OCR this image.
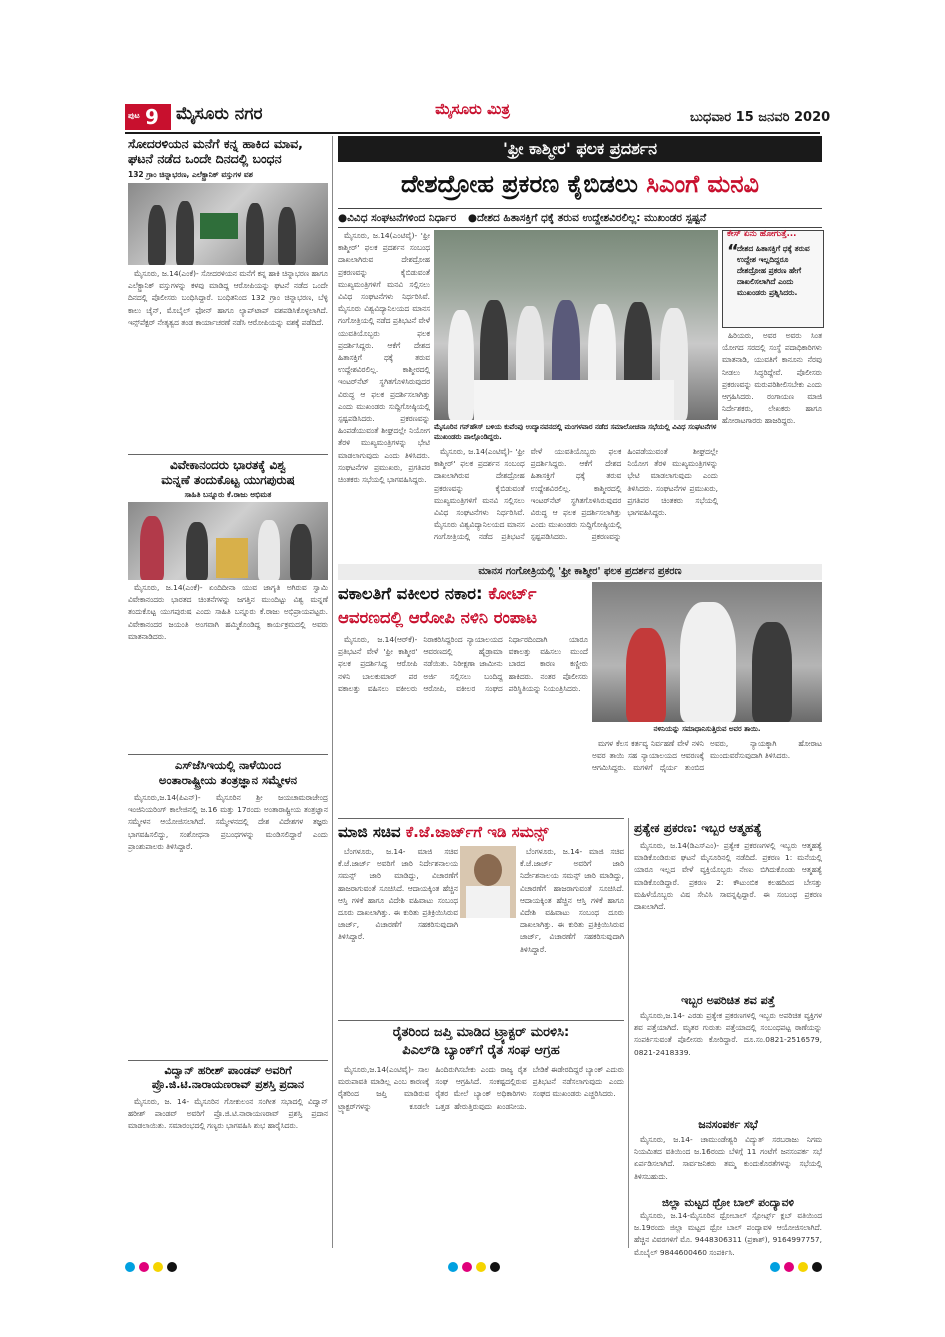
ಪುಟ 9 ಮೈಸೂರು ನಗರ	ಮೈಸೂರು ಮಿತ್ರ	ಬುಧವಾರ 15 ಜನವರಿ 2020
ಸೋದರಳಿಯನ ಮನೆಗೆ ಕನ್ನ ಹಾಕಿದ ಮಾವ,
ಘಟನೆ ನಡೆದ ಒಂದೇ ದಿನದಲ್ಲಿ ಬಂಧನ
132 ಗ್ರಾಂ ಚಿನ್ನಾಭರಣ, ಎಲೆಕ್ಟ್ರಾನಿಕ್ ವಸ್ತುಗಳ ವಶ

ಮೈಸೂರು, ಜ.14(ಎಂಕೆ)- ಸೋದರಳಿಯನ ಮನೆಗೆ ಕನ್ನ ಹಾಕಿ ಚಿನ್ನಾಭರಣ ಹಾಗೂ ಎಲೆಕ್ಟ್ರಾನಿಕ್ ವಸ್ತುಗಳನ್ನು ಕಳವು ಮಾಡಿದ್ದ ಆರೋಪಿಯನ್ನು ಘಟನೆ ನಡೆದ ಒಂದೇ ದಿನದಲ್ಲಿ ಪೊಲೀಸರು ಬಂಧಿಸಿದ್ದಾರೆ. ಬಂಧಿತನಿಂದ 132 ಗ್ರಾಂ ಚಿನ್ನಾಭರಣ, ಬೆಳ್ಳಿ ಕಾಲು ಚೈನ್, ಮೊಬೈಲ್ ಫೋನ್ ಹಾಗೂ ಲ್ಯಾಪ್‌ಟಾಪ್ ವಶಪಡಿಸಿಕೊಳ್ಳಲಾಗಿದೆ. ಇನ್ಸ್‌ಪೆಕ್ಟರ್ ನೇತೃತ್ವದ ತಂಡ ಕಾರ್ಯಾಚರಣೆ ನಡೆಸಿ ಆರೋಪಿಯನ್ನು ವಶಕ್ಕೆ ಪಡೆದಿದೆ.

ವಿವೇಕಾನಂದರು ಭಾರತಕ್ಕೆ ವಿಶ್ವ
ಮನ್ನಣೆ ತಂದುಕೊಟ್ಟ ಯುಗಪುರುಷ
ಸಾಹಿತಿ ಬನ್ನೂರು ಕೆ.ರಾಜು ಅಭಿಮತ

ಮೈಸೂರು, ಜ.14(ಎಂಕೆ)- ಏಂದಿದೀನಾ ಯುವ ಜಾಗೃತಿ ಅಗಿರುವ ಸ್ವಾಮಿ ವಿವೇಕಾನಂದರು ಭಾರತದ ಚಿಂತನೆಗಳನ್ನು ಜಗತ್ತಿನ ಮುಂದಿಟ್ಟು ವಿಶ್ವ ಮನ್ನಣೆ ತಂದುಕೊಟ್ಟ ಯುಗಪುರುಷ ಎಂದು ಸಾಹಿತಿ ಬನ್ನೂರು ಕೆ.ರಾಜು ಅಭಿಪ್ರಾಯಪಟ್ಟರು. ವಿವೇಕಾನಂದರ ಜಯಂತಿ ಅಂಗವಾಗಿ ಹಮ್ಮಿಕೊಂಡಿದ್ದ ಕಾರ್ಯಕ್ರಮದಲ್ಲಿ ಅವರು ಮಾತನಾಡಿದರು.

ಎಸ್‌ಜೆಸಿಇಯಲ್ಲಿ ನಾಳೆಯಿಂದ
ಅಂತಾರಾಷ್ಟ್ರೀಯ ತಂತ್ರಜ್ಞಾನ ಸಮ್ಮೇಳನ

ಮೈಸೂರು,ಜ.14(ಪಿಎನ್)- ಮೈಸೂರಿನ ಶ್ರೀ ಜಯಚಾಮರಾಜೇಂದ್ರ ಇಂಜಿನಿಯರಿಂಗ್ ಕಾಲೇಜಿನಲ್ಲಿ ಜ.16 ಮತ್ತು 17ರಂದು ಅಂತಾರಾಷ್ಟ್ರೀಯ ತಂತ್ರಜ್ಞಾನ ಸಮ್ಮೇಳನ ಆಯೋಜಿಸಲಾಗಿದೆ. ಸಮ್ಮೇಳನದಲ್ಲಿ ದೇಶ ವಿದೇಶಗಳ ತಜ್ಞರು ಭಾಗವಹಿಸಲಿದ್ದು, ಸಂಶೋಧನಾ ಪ್ರಬಂಧಗಳನ್ನು ಮಂಡಿಸಲಿದ್ದಾರೆ ಎಂದು ಪ್ರಾಂಶುಪಾಲರು ತಿಳಿಸಿದ್ದಾರೆ.

ವಿದ್ವಾನ್ ಹರೀಶ್ ಪಾಂಡವ್ ಅವರಿಗೆ
ಪ್ರೊ.ಜಿ.ಟಿ.ನಾರಾಯಣರಾವ್ ಪ್ರಶಸ್ತಿ ಪ್ರದಾನ

ಮೈಸೂರು, ಜ. 14- ಮೈಸೂರಿನ ಗೋಕುಲಂನ ಸಂಗೀತ ಸಭಾದಲ್ಲಿ ವಿದ್ವಾನ್ ಹರೀಶ್ ಪಾಂಡವ್ ಅವರಿಗೆ ಪ್ರೊ.ಜಿ.ಟಿ.ನಾರಾಯಣರಾವ್ ಪ್ರಶಸ್ತಿ ಪ್ರದಾನ ಮಾಡಲಾಯಿತು. ಸಮಾರಂಭದಲ್ಲಿ ಗಣ್ಯರು ಭಾಗವಹಿಸಿ ಶುಭ ಹಾರೈಸಿದರು.

'ಫ್ರೀ ಕಾಶ್ಮೀರ' ಫಲಕ ಪ್ರದರ್ಶನ
ದೇಶದ್ರೋಹ ಪ್ರಕರಣ ಕೈಬಿಡಲು ಸಿಎಂಗೆ ಮನವಿ
●ವಿವಿಧ ಸಂಘಟನೆಗಳಿಂದ ನಿರ್ಧಾರ ●ದೇಶದ ಹಿತಾಸಕ್ತಿಗೆ ಧಕ್ಕೆ ತರುವ ಉದ್ದೇಶವಿರಲಿಲ್ಲ: ಮುಖಂಡರ ಸ್ಪಷ್ಟನೆ

ಮೈಸೂರು, ಜ.14(ಎಂಟಿವೈ)- 'ಫ್ರೀ ಕಾಶ್ಮೀರ್' ಫಲಕ ಪ್ರದರ್ಶನ ಸಂಬಂಧ ದಾಖಲಾಗಿರುವ ದೇಶದ್ರೋಹ ಪ್ರಕರಣವನ್ನು ಕೈಬಿಡುವಂತೆ ಮುಖ್ಯಮಂತ್ರಿಗಳಿಗೆ ಮನವಿ ಸಲ್ಲಿಸಲು ವಿವಿಧ ಸಂಘಟನೆಗಳು ನಿರ್ಧರಿಸಿವೆ. ಮೈಸೂರು ವಿಶ್ವವಿದ್ಯಾನಿಲಯದ ಮಾನಸ ಗಂಗೋತ್ರಿಯಲ್ಲಿ ನಡೆದ ಪ್ರತಿಭಟನೆ ವೇಳೆ ಯುವತಿಯೊಬ್ಬರು ಫಲಕ ಪ್ರದರ್ಶಿಸಿದ್ದರು. ಆಕೆಗೆ ದೇಶದ ಹಿತಾಸಕ್ತಿಗೆ ಧಕ್ಕೆ ತರುವ ಉದ್ದೇಶವಿರಲಿಲ್ಲ. ಕಾಶ್ಮೀರದಲ್ಲಿ ಇಂಟರ್‌ನೆಟ್ ಸ್ಥಗಿತಗೊಳಿಸಿರುವುದರ ವಿರುದ್ಧ ಆ ಫಲಕ ಪ್ರದರ್ಶಿಸಲಾಗಿತ್ತು ಎಂದು ಮುಖಂಡರು ಸುದ್ದಿಗೋಷ್ಠಿಯಲ್ಲಿ ಸ್ಪಷ್ಟಪಡಿಸಿದರು. ಪ್ರಕರಣವನ್ನು ಹಿಂಪಡೆಯುವಂತೆ ಶೀಘ್ರದಲ್ಲೇ ನಿಯೋಗ ತೆರಳಿ ಮುಖ್ಯಮಂತ್ರಿಗಳನ್ನು ಭೇಟಿ ಮಾಡಲಾಗುವುದು ಎಂದು ತಿಳಿಸಿದರು. ಸಂಘಟನೆಗಳ ಪ್ರಮುಖರು, ಪ್ರಗತಿಪರ ಚಿಂತಕರು ಸಭೆಯಲ್ಲಿ ಭಾಗವಹಿಸಿದ್ದರು.

ಮೈಸೂರಿನ ಗನ್‌ಹೌಸ್ ಬಳಿಯ ಕುವೆಂಪು ಉದ್ಯಾನವನದಲ್ಲಿ ಮಂಗಳವಾರ ನಡೆದ ಸಮಾಲೋಚನಾ ಸಭೆಯಲ್ಲಿ ವಿವಿಧ ಸಂಘಟನೆಗಳ ಮುಖಂಡರು ಪಾಲ್ಗೊಂಡಿದ್ದರು.

ಮೈಸೂರು, ಜ.14(ಎಂಟಿವೈ)- 'ಫ್ರೀ ಕಾಶ್ಮೀರ್' ಫಲಕ ಪ್ರದರ್ಶನ ಸಂಬಂಧ ದಾಖಲಾಗಿರುವ ದೇಶದ್ರೋಹ ಪ್ರಕರಣವನ್ನು ಕೈಬಿಡುವಂತೆ ಮುಖ್ಯಮಂತ್ರಿಗಳಿಗೆ ಮನವಿ ಸಲ್ಲಿಸಲು ವಿವಿಧ ಸಂಘಟನೆಗಳು ನಿರ್ಧರಿಸಿವೆ. ಮೈಸೂರು ವಿಶ್ವವಿದ್ಯಾನಿಲಯದ ಮಾನಸ ಗಂಗೋತ್ರಿಯಲ್ಲಿ ನಡೆದ ಪ್ರತಿಭಟನೆ ವೇಳೆ ಯುವತಿಯೊಬ್ಬರು ಫಲಕ ಪ್ರದರ್ಶಿಸಿದ್ದರು. ಆಕೆಗೆ ದೇಶದ ಹಿತಾಸಕ್ತಿಗೆ ಧಕ್ಕೆ ತರುವ ಉದ್ದೇಶವಿರಲಿಲ್ಲ. ಕಾಶ್ಮೀರದಲ್ಲಿ ಇಂಟರ್‌ನೆಟ್ ಸ್ಥಗಿತಗೊಳಿಸಿರುವುದರ ವಿರುದ್ಧ ಆ ಫಲಕ ಪ್ರದರ್ಶಿಸಲಾಗಿತ್ತು ಎಂದು ಮುಖಂಡರು ಸುದ್ದಿಗೋಷ್ಠಿಯಲ್ಲಿ ಸ್ಪಷ್ಟಪಡಿಸಿದರು. ಪ್ರಕರಣವನ್ನು ಹಿಂಪಡೆಯುವಂತೆ ಶೀಘ್ರದಲ್ಲೇ ನಿಯೋಗ ತೆರಳಿ ಮುಖ್ಯಮಂತ್ರಿಗಳನ್ನು ಭೇಟಿ ಮಾಡಲಾಗುವುದು ಎಂದು ತಿಳಿಸಿದರು. ಸಂಘಟನೆಗಳ ಪ್ರಮುಖರು, ಪ್ರಗತಿಪರ ಚಿಂತಕರು ಸಭೆಯಲ್ಲಿ ಭಾಗವಹಿಸಿದ್ದರು.

ಕೇಸ್ ಏನು ಹೋಗುತ್ತೆ...
“
ದೇಶದ ಹಿತಾಸಕ್ತಿಗೆ ಧಕ್ಕೆ ತರುವ ಉದ್ದೇಶ ಇಲ್ಲದಿದ್ದರೂ ದೇಶದ್ರೋಹ ಪ್ರಕರಣ ಹೇಗೆ ದಾಖಲಿಸಲಾಗಿದೆ ಎಂದು ಮುಖಂಡರು ಪ್ರಶ್ನಿಸಿದರು.

ಹಿರಿಯರು, ಅವರ ಅವರು ಸಿಂತ ಯೋಗದ ಸರದಲ್ಲಿ ಸಂಸ್ಥೆ ಪದಾಧಿಕಾರಿಗಳು ಮಾತನಾಡಿ, ಯುವತಿಗೆ ಕಾನೂನು ನೆರವು ನೀಡಲು ಸಿದ್ಧರಿದ್ದೇವೆ. ಪೊಲೀಸರು ಪ್ರಕರಣವನ್ನು ಮರುಪರಿಶೀಲಿಸಬೇಕು ಎಂದು ಆಗ್ರಹಿಸಿದರು. ರಂಗಾಯಣ ಮಾಜಿ ನಿರ್ದೇಶಕರು, ಲೇಖಕರು ಹಾಗೂ ಹೋರಾಟಗಾರರು ಹಾಜರಿದ್ದರು.

ಮಾನಸ ಗಂಗೋತ್ರಿಯಲ್ಲಿ 'ಫ್ರೀ ಕಾಶ್ಮೀರ' ಫಲಕ ಪ್ರದರ್ಶನ ಪ್ರಕರಣ
ವಕಾಲತಿಗೆ ವಕೀಲರ ನಕಾರ: ಕೋರ್ಟ್
ಆವರಣದಲ್ಲಿ ಆರೋಪಿ ನಳಿನಿ ರಂಪಾಟ

ಮೈಸೂರು, ಜ.14(ಆರ್‌ಕೆ)- ಪ್ರತಿಭಟನೆ ವೇಳೆ 'ಫ್ರೀ ಕಾಶ್ಮೀರ' ಫಲಕ ಪ್ರದರ್ಶಿಸಿದ್ದ ಆರೋಪಿ ನಳಿನಿ ಬಾಲಕುಮಾರ್ ಪರ ವಕಾಲತ್ತು ವಹಿಸಲು ವಕೀಲರು ನಿರಾಕರಿಸಿದ್ದರಿಂದ ನ್ಯಾಯಾಲಯದ ಆವರಣದಲ್ಲಿ ಹೈಡ್ರಾಮಾ ನಡೆಯಿತು. ನಿರೀಕ್ಷಣಾ ಜಾಮೀನು ಅರ್ಜಿ ಸಲ್ಲಿಸಲು ಬಂದಿದ್ದ ಆರೋಪಿ, ವಕೀಲರ ಸಂಘದ ನಿರ್ಧಾರದಿಂದಾಗಿ ಯಾರೂ ವಕಾಲತ್ತು ವಹಿಸಲು ಮುಂದೆ ಬಾರದ ಕಾರಣ ಕಣ್ಣೀರು ಹಾಕಿದರು. ನಂತರ ಪೊಲೀಸರು ಪರಿಸ್ಥಿತಿಯನ್ನು ನಿಯಂತ್ರಿಸಿದರು.

ನಳಿನಿಯನ್ನು ಸಮಾಧಾನಿಸುತ್ತಿರುವ ಅವರ ತಾಯಿ.

ಮಗಳ ಕೆಲಸ ಕರ್ತವ್ಯ ನಿರ್ವಹಣೆ ವೇಳೆ ನಳಿನಿ ಅವರ ತಾಯಿ ಸಹ ನ್ಯಾಯಾಲಯದ ಆವರಣಕ್ಕೆ ಆಗಮಿಸಿದ್ದರು. ಮಗಳಿಗೆ ಧೈರ್ಯ ತುಂಬಿದ ಅವರು, ನ್ಯಾಯಕ್ಕಾಗಿ ಹೋರಾಟ ಮುಂದುವರೆಸುವುದಾಗಿ ತಿಳಿಸಿದರು.

ಮಾಜಿ ಸಚಿವ ಕೆ.ಜೆ.ಜಾರ್ಜ್‌ಗೆ ಇಡಿ ಸಮನ್ಸ್

ಬೆಂಗಳೂರು, ಜ.14- ಮಾಜಿ ಸಚಿವ ಕೆ.ಜೆ.ಜಾರ್ಜ್ ಅವರಿಗೆ ಜಾರಿ ನಿರ್ದೇಶನಾಲಯ ಸಮನ್ಸ್ ಜಾರಿ ಮಾಡಿದ್ದು, ವಿಚಾರಣೆಗೆ ಹಾಜರಾಗುವಂತೆ ಸೂಚಿಸಿದೆ. ಆದಾಯಕ್ಕಿಂತ ಹೆಚ್ಚಿನ ಆಸ್ತಿ ಗಳಿಕೆ ಹಾಗೂ ವಿದೇಶಿ ವಹಿವಾಟು ಸಂಬಂಧ ದೂರು ದಾಖಲಾಗಿತ್ತು. ಈ ಕುರಿತು ಪ್ರತಿಕ್ರಿಯಿಸಿರುವ ಜಾರ್ಜ್, ವಿಚಾರಣೆಗೆ ಸಹಕರಿಸುವುದಾಗಿ ತಿಳಿಸಿದ್ದಾರೆ.

ಬೆಂಗಳೂರು, ಜ.14- ಮಾಜಿ ಸಚಿವ ಕೆ.ಜೆ.ಜಾರ್ಜ್ ಅವರಿಗೆ ಜಾರಿ ನಿರ್ದೇಶನಾಲಯ ಸಮನ್ಸ್ ಜಾರಿ ಮಾಡಿದ್ದು, ವಿಚಾರಣೆಗೆ ಹಾಜರಾಗುವಂತೆ ಸೂಚಿಸಿದೆ. ಆದಾಯಕ್ಕಿಂತ ಹೆಚ್ಚಿನ ಆಸ್ತಿ ಗಳಿಕೆ ಹಾಗೂ ವಿದೇಶಿ ವಹಿವಾಟು ಸಂಬಂಧ ದೂರು ದಾಖಲಾಗಿತ್ತು. ಈ ಕುರಿತು ಪ್ರತಿಕ್ರಿಯಿಸಿರುವ ಜಾರ್ಜ್, ವಿಚಾರಣೆಗೆ ಸಹಕರಿಸುವುದಾಗಿ ತಿಳಿಸಿದ್ದಾರೆ.

ರೈತರಿಂದ ಜಪ್ತಿ ಮಾಡಿದ ಟ್ರ್ಯಾಕ್ಟರ್ ಮರಳಿಸಿ:
ಪಿಎಲ್‌ಡಿ ಬ್ಯಾಂಕ್‌ಗೆ ರೈತ ಸಂಘ ಆಗ್ರಹ

ಮೈಸೂರು,ಜ.14(ಎಂಟಿವೈ)- ಸಾಲ ಮರುಪಾವತಿ ಮಾಡಿಲ್ಲ ಎಂಬ ಕಾರಣಕ್ಕೆ ರೈತರಿಂದ ಜಪ್ತಿ ಮಾಡಿರುವ ಟ್ರ್ಯಾಕ್ಟರ್‌ಗಳನ್ನು ಕೂಡಲೇ ಹಿಂದಿರುಗಿಸಬೇಕು ಎಂದು ರಾಜ್ಯ ರೈತ ಸಂಘ ಆಗ್ರಹಿಸಿದೆ. ಸಂಕಷ್ಟದಲ್ಲಿರುವ ರೈತರ ಮೇಲೆ ಬ್ಯಾಂಕ್ ಅಧಿಕಾರಿಗಳು ಒತ್ತಡ ಹೇರುತ್ತಿರುವುದು ಖಂಡನೀಯ. ಬೇಡಿಕೆ ಈಡೇರದಿದ್ದರೆ ಬ್ಯಾಂಕ್ ಎದುರು ಪ್ರತಿಭಟನೆ ನಡೆಸಲಾಗುವುದು ಎಂದು ಸಂಘದ ಮುಖಂಡರು ಎಚ್ಚರಿಸಿದರು.

ಪ್ರತ್ಯೇಕ ಪ್ರಕರಣ: ಇಬ್ಬರ ಆತ್ಮಹತ್ಯೆ

ಮೈಸೂರು, ಜ.14(ಡಿಎಸ್‌ಎಂ)- ಪ್ರತ್ಯೇಕ ಪ್ರಕರಣಗಳಲ್ಲಿ ಇಬ್ಬರು ಆತ್ಮಹತ್ಯೆ ಮಾಡಿಕೊಂಡಿರುವ ಘಟನೆ ಮೈಸೂರಿನಲ್ಲಿ ನಡೆದಿದೆ. ಪ್ರಕರಣ 1: ಮನೆಯಲ್ಲಿ ಯಾರೂ ಇಲ್ಲದ ವೇಳೆ ವ್ಯಕ್ತಿಯೊಬ್ಬರು ನೇಣು ಬಿಗಿದುಕೊಂಡು ಆತ್ಮಹತ್ಯೆ ಮಾಡಿಕೊಂಡಿದ್ದಾರೆ. ಪ್ರಕರಣ 2: ಕೌಟುಂಬಿಕ ಕಲಹದಿಂದ ಬೇಸತ್ತು ಮಹಿಳೆಯೊಬ್ಬರು ವಿಷ ಸೇವಿಸಿ ಸಾವನ್ನಪ್ಪಿದ್ದಾರೆ. ಈ ಸಂಬಂಧ ಪ್ರಕರಣ ದಾಖಲಾಗಿದೆ.

ಇಬ್ಬರ ಅಪರಿಚಿತ ಶವ ಪತ್ತೆ

ಮೈಸೂರು,ಜ.14- ಎರಡು ಪ್ರತ್ಯೇಕ ಪ್ರಕರಣಗಳಲ್ಲಿ ಇಬ್ಬರು ಅಪರಿಚಿತ ವ್ಯಕ್ತಿಗಳ ಶವ ಪತ್ತೆಯಾಗಿದೆ. ಮೃತರ ಗುರುತು ಪತ್ತೆಯಾದಲ್ಲಿ ಸಂಬಂಧಪಟ್ಟ ಠಾಣೆಯನ್ನು ಸಂಪರ್ಕಿಸುವಂತೆ ಪೊಲೀಸರು ಕೋರಿದ್ದಾರೆ. ದೂ.ಸಂ.0821-2516579, 0821-2418339.

ಜನಸಂಪರ್ಕ ಸಭೆ

ಮೈಸೂರು, ಜ.14- ಚಾಮುಂಡೇಶ್ವರಿ ವಿದ್ಯುತ್ ಸರಬರಾಜು ನಿಗಮ ನಿಯಮಿತದ ವತಿಯಿಂದ ಜ.16ರಂದು ಬೆಳಿಗ್ಗೆ 11 ಗಂಟೆಗೆ ಜನಸಂಪರ್ಕ ಸಭೆ ಏರ್ಪಡಿಸಲಾಗಿದೆ. ಸಾರ್ವಜನಿಕರು ತಮ್ಮ ಕುಂದುಕೊರತೆಗಳನ್ನು ಸಭೆಯಲ್ಲಿ ತಿಳಿಸಬಹುದು.

ಜಿಲ್ಲಾ ಮಟ್ಟದ ಥ್ರೋ ಬಾಲ್ ಪಂದ್ಯಾವಳಿ

ಮೈಸೂರು, ಜ.14-ಮೈಸೂರಿನ ಥ್ರೋಬಾಲ್ ಸ್ಪೋರ್ಟ್ಸ್ ಕ್ಲಬ್ ವತಿಯಿಂದ ಜ.19ರಂದು ಜಿಲ್ಲಾ ಮಟ್ಟದ ಥ್ರೋ ಬಾಲ್ ಪಂದ್ಯಾವಳಿ ಆಯೋಜಿಸಲಾಗಿದೆ. ಹೆಚ್ಚಿನ ವಿವರಗಳಿಗೆ ಮೊ. 9448306311 (ಪ್ರಕಾಶ್), 9164997757, ಮೊಬೈಲ್ 9844600460 ಸಂಪರ್ಕಿಸಿ.
